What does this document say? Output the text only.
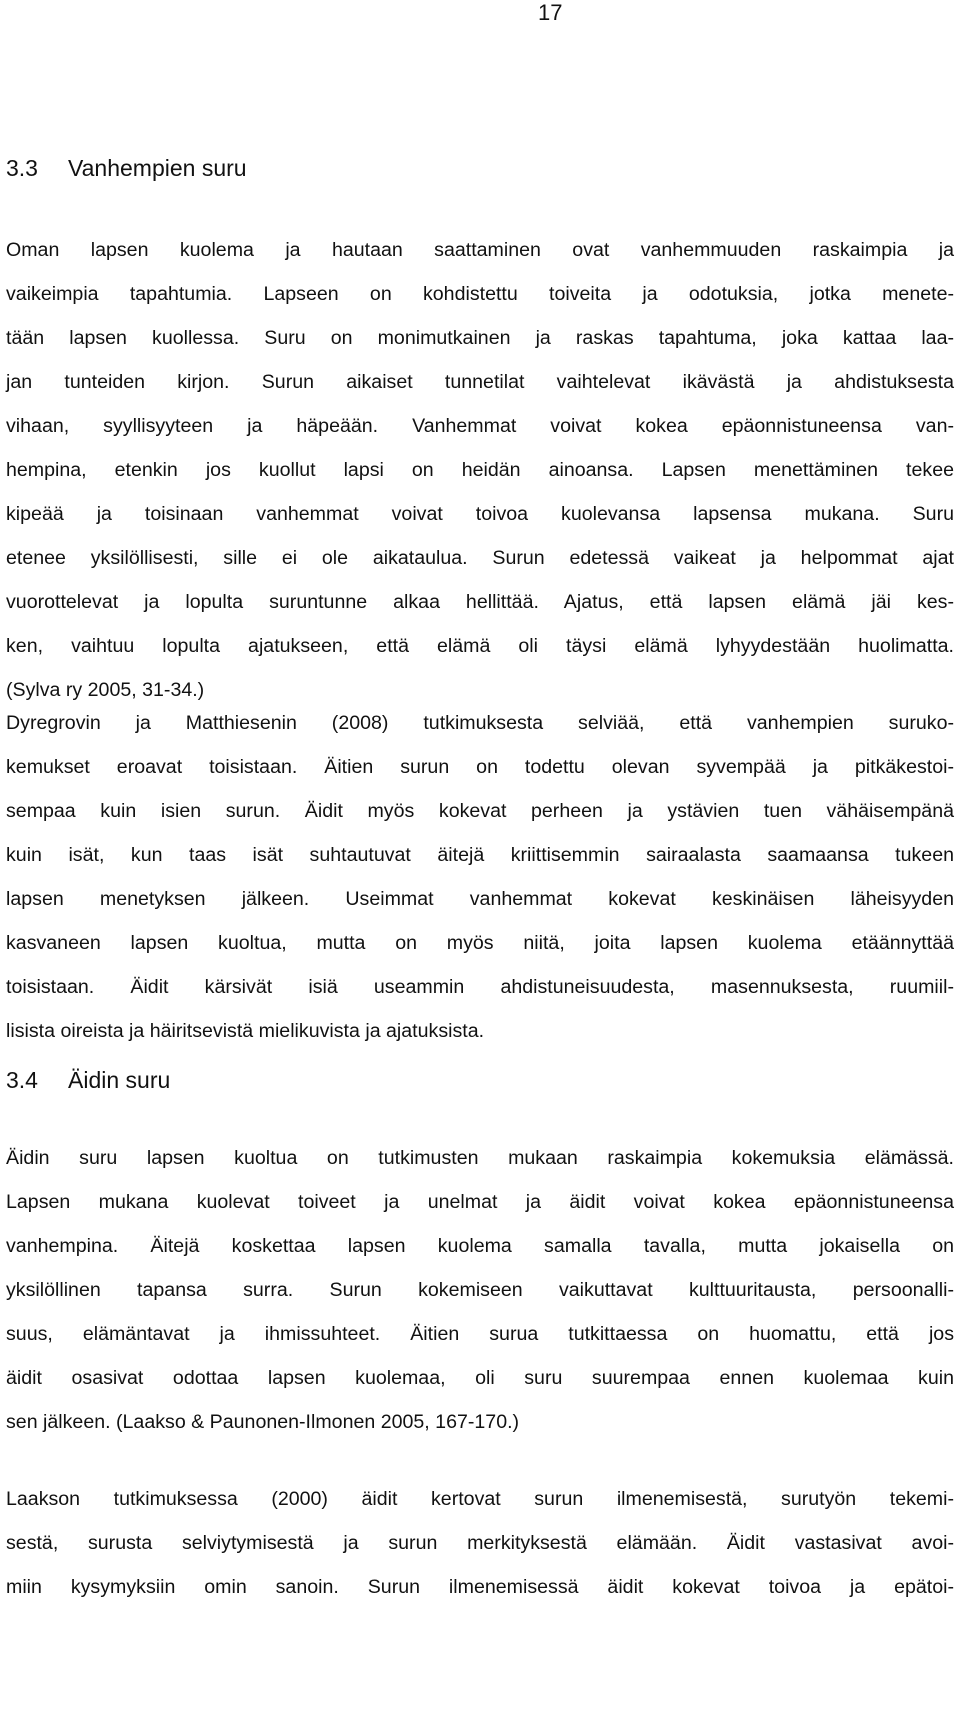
17
3.3 Vanhempien suru
Oman lapsen kuolema ja hautaan saattaminen ovat vanhemmuuden raskaimpia ja
vaikeimpia tapahtumia. Lapseen on kohdistettu toiveita ja odotuksia, jotka menete-
tään lapsen kuollessa. Suru on monimutkainen ja raskas tapahtuma, joka kattaa laa-
jan tunteiden kirjon. Surun aikaiset tunnetilat vaihtelevat ikävästä ja ahdistuksesta
vihaan, syyllisyyteen ja häpeään. Vanhemmat voivat kokea epäonnistuneensa van-
hempina, etenkin jos kuollut lapsi on heidän ainoansa. Lapsen menettäminen tekee
kipeää ja toisinaan vanhemmat voivat toivoa kuolevansa lapsensa mukana. Suru
etenee yksilöllisesti, sille ei ole aikataulua. Surun edetessä vaikeat ja helpommat ajat
vuorottelevat ja lopulta suruntunne alkaa hellittää. Ajatus, että lapsen elämä jäi kes-
ken, vaihtuu lopulta ajatukseen, että elämä oli täysi elämä lyhyydestään huolimatta.
(Sylva ry 2005, 31-34.)
Dyregrovin ja Matthiesenin (2008) tutkimuksesta selviää, että vanhempien suruko-
kemukset eroavat toisistaan. Äitien surun on todettu olevan syvempää ja pitkäkestoi-
sempaa kuin isien surun. Äidit myös kokevat perheen ja ystävien tuen vähäisempänä
kuin isät, kun taas isät suhtautuvat äitejä kriittisemmin sairaalasta saamaansa tukeen
lapsen menetyksen jälkeen. Useimmat vanhemmat kokevat keskinäisen läheisyyden
kasvaneen lapsen kuoltua, mutta on myös niitä, joita lapsen kuolema etäännyttää
toisistaan. Äidit kärsivät isiä useammin ahdistuneisuudesta, masennuksesta, ruumiil-
lisista oireista ja häiritsevistä mielikuvista ja ajatuksista.
3.4 Äidin suru
Äidin suru lapsen kuoltua on tutkimusten mukaan raskaimpia kokemuksia elämässä.
Lapsen mukana kuolevat toiveet ja unelmat ja äidit voivat kokea epäonnistuneensa
vanhempina. Äitejä koskettaa lapsen kuolema samalla tavalla, mutta jokaisella on
yksilöllinen tapansa surra. Surun kokemiseen vaikuttavat kulttuuritausta, persoonalli-
suus, elämäntavat ja ihmissuhteet. Äitien surua tutkittaessa on huomattu, että jos
äidit osasivat odottaa lapsen kuolemaa, oli suru suurempaa ennen kuolemaa kuin
sen jälkeen. (Laakso & Paunonen-Ilmonen 2005, 167-170.)
Laakson tutkimuksessa (2000) äidit kertovat surun ilmenemisestä, surutyön tekemi-
sestä, surusta selviytymisestä ja surun merkityksestä elämään. Äidit vastasivat avoi-
miin kysymyksiin omin sanoin. Surun ilmenemisessä äidit kokevat toivoa ja epätoi-
